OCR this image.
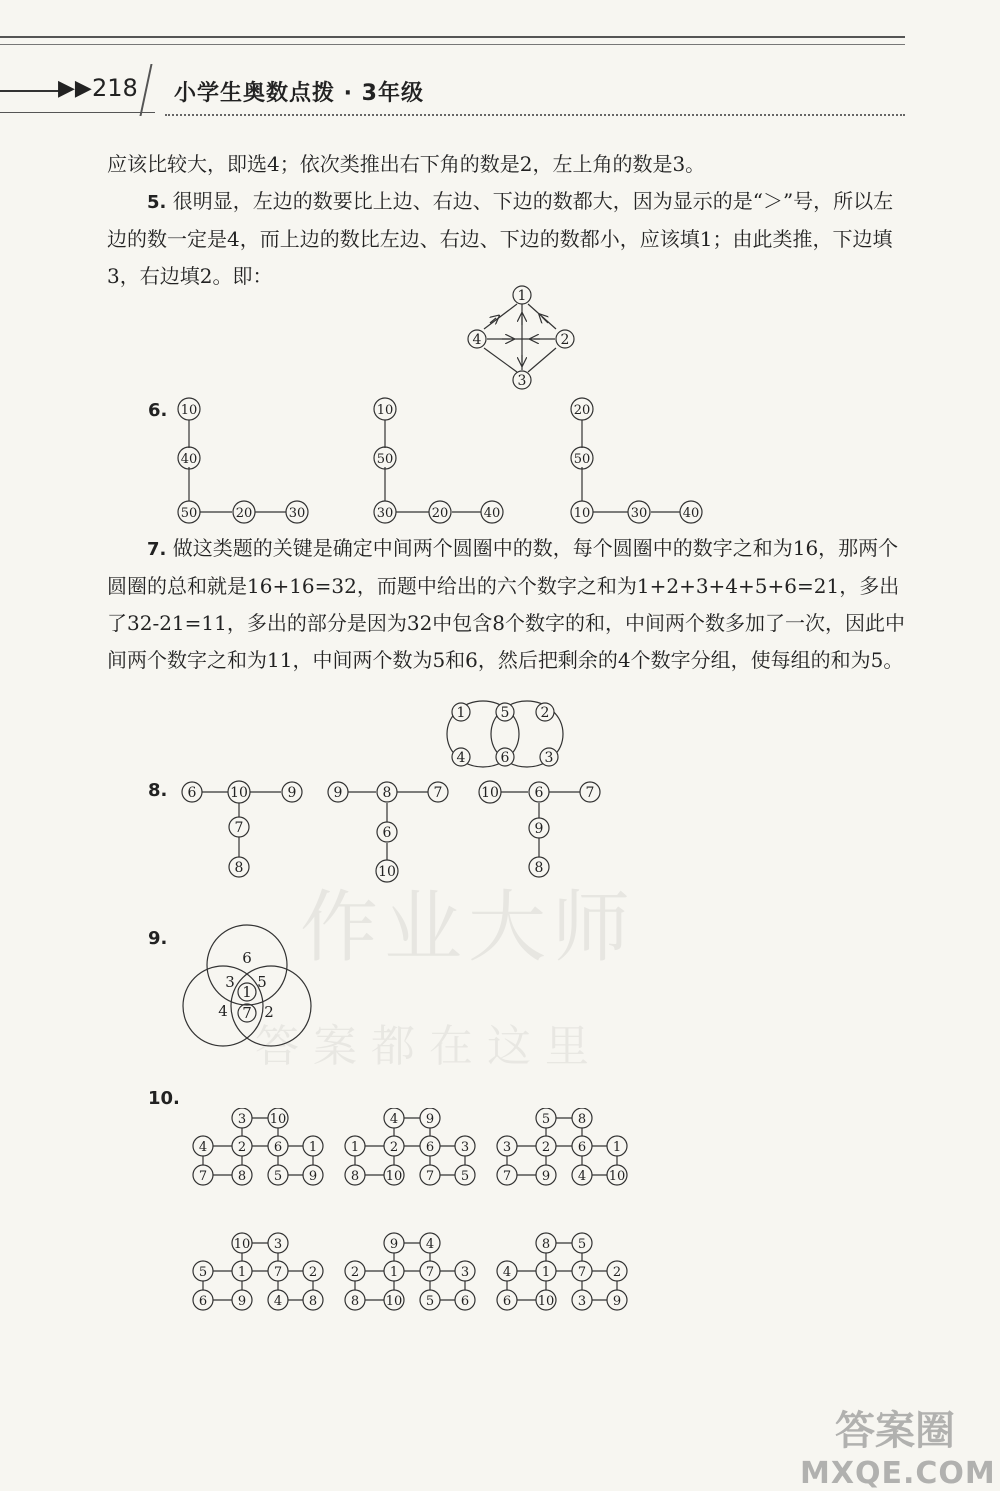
▶▶ 218 小学生奥数点拨 · 3年级

应该比较大，即选4；依次类推出右下角的数是2，左上角的数是3。

5. 很明显，左边的数要比上边、右边、下边的数都大，因为显示的是“＞”号，所以左边的数一定是4，而上边的数比左边、右边、下边的数都小，应该填1；由此类推，下边填3，右边填2。即：

1
2
3
4
6. 10
40
50	20	30
10
50
30	20	40
20
50
10	30	40

7. 做这类题的关键是确定中间两个圆圈中的数，每个圆圈中的数字之和为16，那两个圆圈的总和就是16+16=32，而题中给出的六个数字之和为1+2+3+4+5+6=21，多出了32-21=11，多出的部分是因为32中包含8个数字的和，中间两个数多加了一次，因此中间两个数字之和为11，中间两个数为5和6，然后把剩余的4个数字分组，使每组的和为5。

1	5 2
4	6	3
8. 6 10	9
7
8
9	8	7
6
10
10	6	7
9
8
9.
6
3 5
1
4 7 2
10.
3 10
4 2 6 1
7 8 5 9
4 9
1 2 6 3
8 10 7 5
5 8
3 2 6 1
7 9 4 10
10 3
5 1 7 2
6 9 4 8
9 4
2 1 7 3
8 10 5 6
8 5
4 1 7 2
6 10 3 9
作业大师
答案都在这里
答案圈
MXQE.COM
